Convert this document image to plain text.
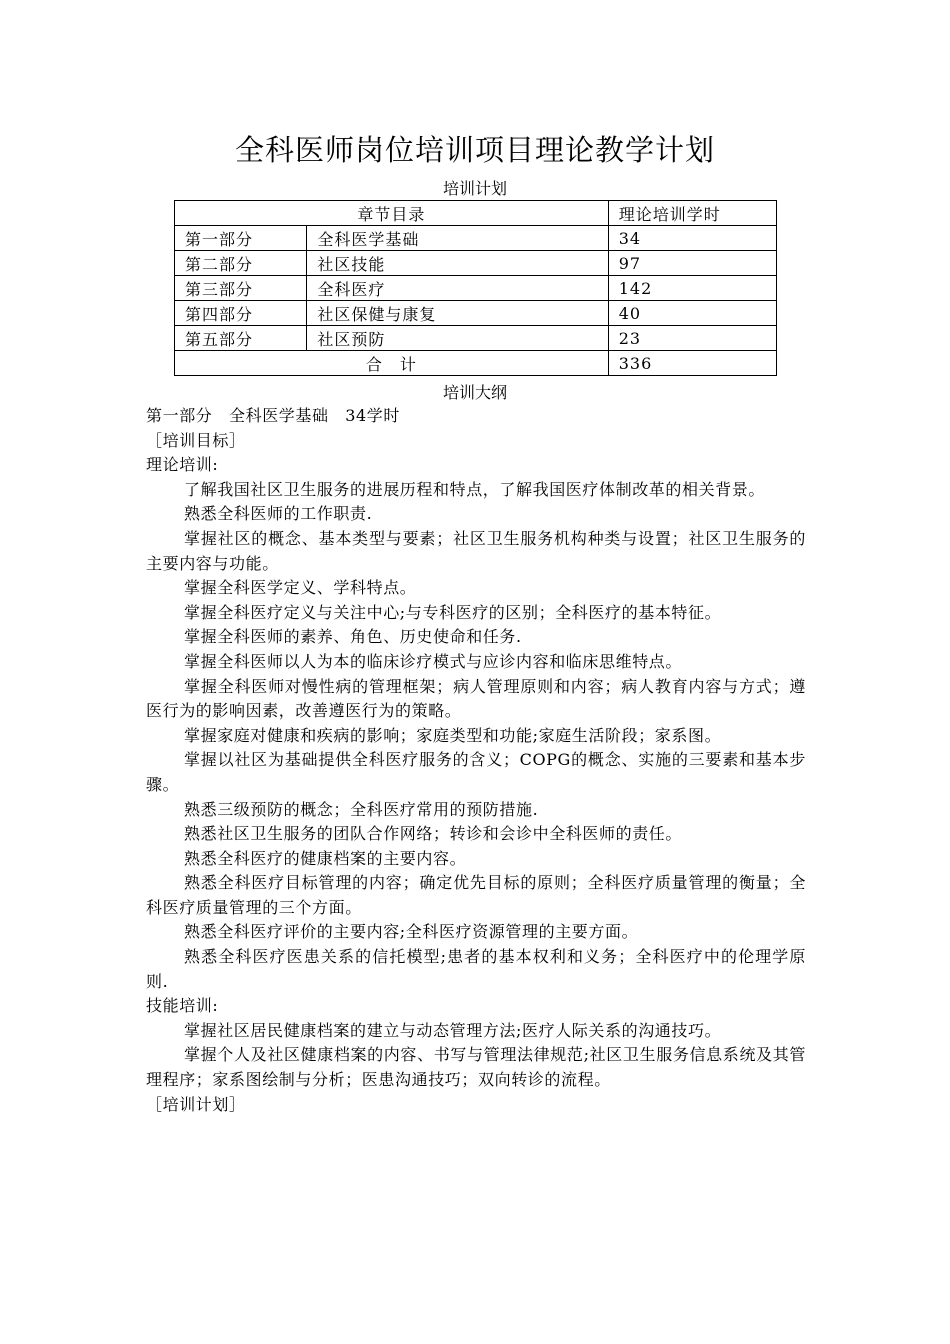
全科医师岗位培训项目理论教学计划
培训计划
章节目录		理论培训学时
第一部分	全科医学基础	34
第二部分	社区技能	97
第三部分	全科医疗	142
第四部分	社区保健与康复	40
第五部分	社区预防	23
合　计		336
培训大纲

第一部分　全科医学基础　34学时

［培训目标］

理论培训:

了解我国社区卫生服务的进展历程和特点，了解我国医疗体制改革的相关背景。

熟悉全科医师的工作职责.

掌握社区的概念、基本类型与要素；社区卫生服务机构种类与设置；社区卫生服务的主要内容与功能。

掌握全科医学定义、学科特点。

掌握全科医疗定义与关注中心;与专科医疗的区别；全科医疗的基本特征。

掌握全科医师的素养、角色、历史使命和任务.

掌握全科医师以人为本的临床诊疗模式与应诊内容和临床思维特点。

掌握全科医师对慢性病的管理框架；病人管理原则和内容；病人教育内容与方式；遵医行为的影响因素，改善遵医行为的策略。

掌握家庭对健康和疾病的影响；家庭类型和功能;家庭生活阶段；家系图。

掌握以社区为基础提供全科医疗服务的含义；COPG的概念、实施的三要素和基本步骤。

熟悉三级预防的概念；全科医疗常用的预防措施.

熟悉社区卫生服务的团队合作网络；转诊和会诊中全科医师的责任。

熟悉全科医疗的健康档案的主要内容。

熟悉全科医疗目标管理的内容；确定优先目标的原则；全科医疗质量管理的衡量；全科医疗质量管理的三个方面。

熟悉全科医疗评价的主要内容;全科医疗资源管理的主要方面。

熟悉全科医疗医患关系的信托模型;患者的基本权利和义务；全科医疗中的伦理学原则.

技能培训:

掌握社区居民健康档案的建立与动态管理方法;医疗人际关系的沟通技巧。

掌握个人及社区健康档案的内容、书写与管理法律规范;社区卫生服务信息系统及其管理程序；家系图绘制与分析；医患沟通技巧；双向转诊的流程。

［培训计划］
